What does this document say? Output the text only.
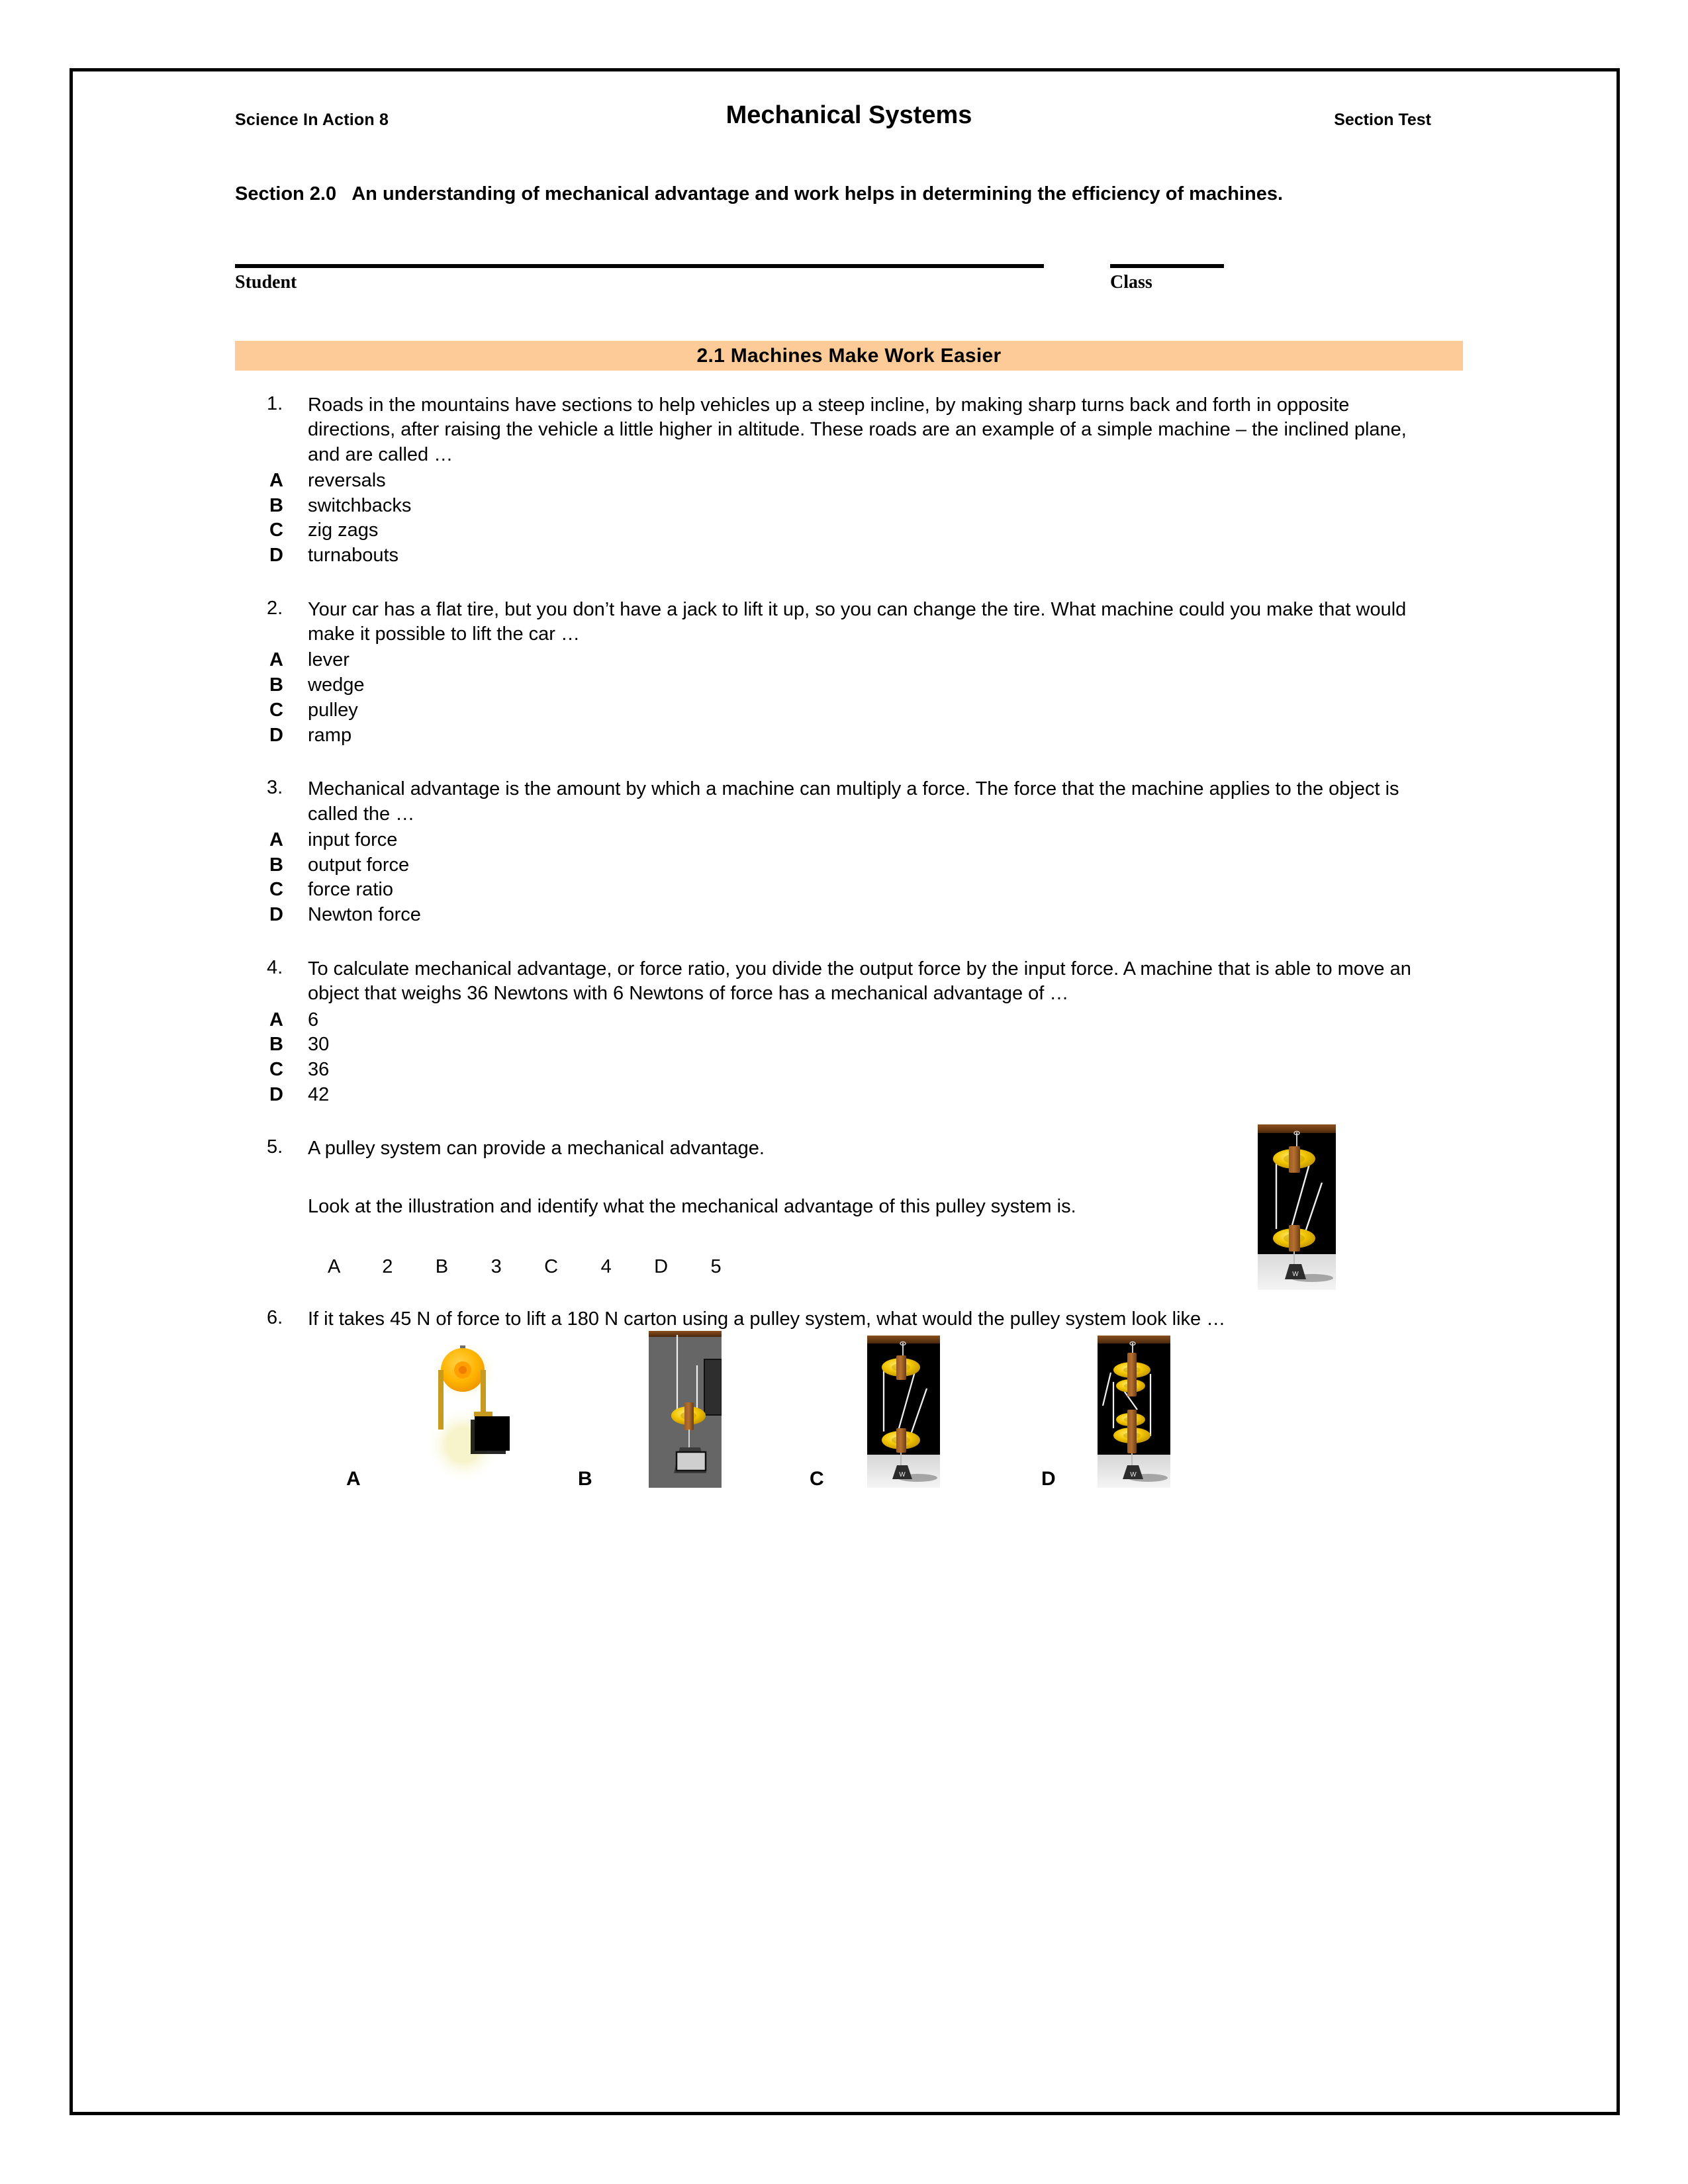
Science In Action 8	Mechanical Systems	Section Test
Section 2.0 An understanding of mechanical advantage and work helps in determining the efficiency of machines.
Student	Class
2.1 Machines Make Work Easier
1. Roads in the mountains have sections to help vehicles up a steep incline, by making sharp turns back and forth in opposite directions, after raising the vehicle a little higher in altitude. These roads are an example of a simple machine – the inclined plane, and are called …
A reversals
B switchbacks
C zig zags
D turnabouts
2. Your car has a flat tire, but you don’t have a jack to lift it up, so you can change the tire. What machine could you make that would make it possible to lift the car …
A lever
B wedge
C pulley
D ramp
3. Mechanical advantage is the amount by which a machine can multiply a force. The force that the machine applies to the object is called the …
A input force
B output force
C force ratio
D Newton force
4. To calculate mechanical advantage, or force ratio, you divide the output force by the input force. A machine that is able to move an object that weighs 36 Newtons with 6 Newtons of force has a mechanical advantage of …
A 6
B 30
C 36
D 42
5. A pulley system can provide a mechanical advantage.
Look at the illustration and identify what the mechanical advantage of this pulley system is.
W
A        2        B        3        C        4        D        5
6. If it takes 45 N of force to lift a 180 N carton using a pulley system, what would the pulley system look like …
A	B	C	W	D	W
